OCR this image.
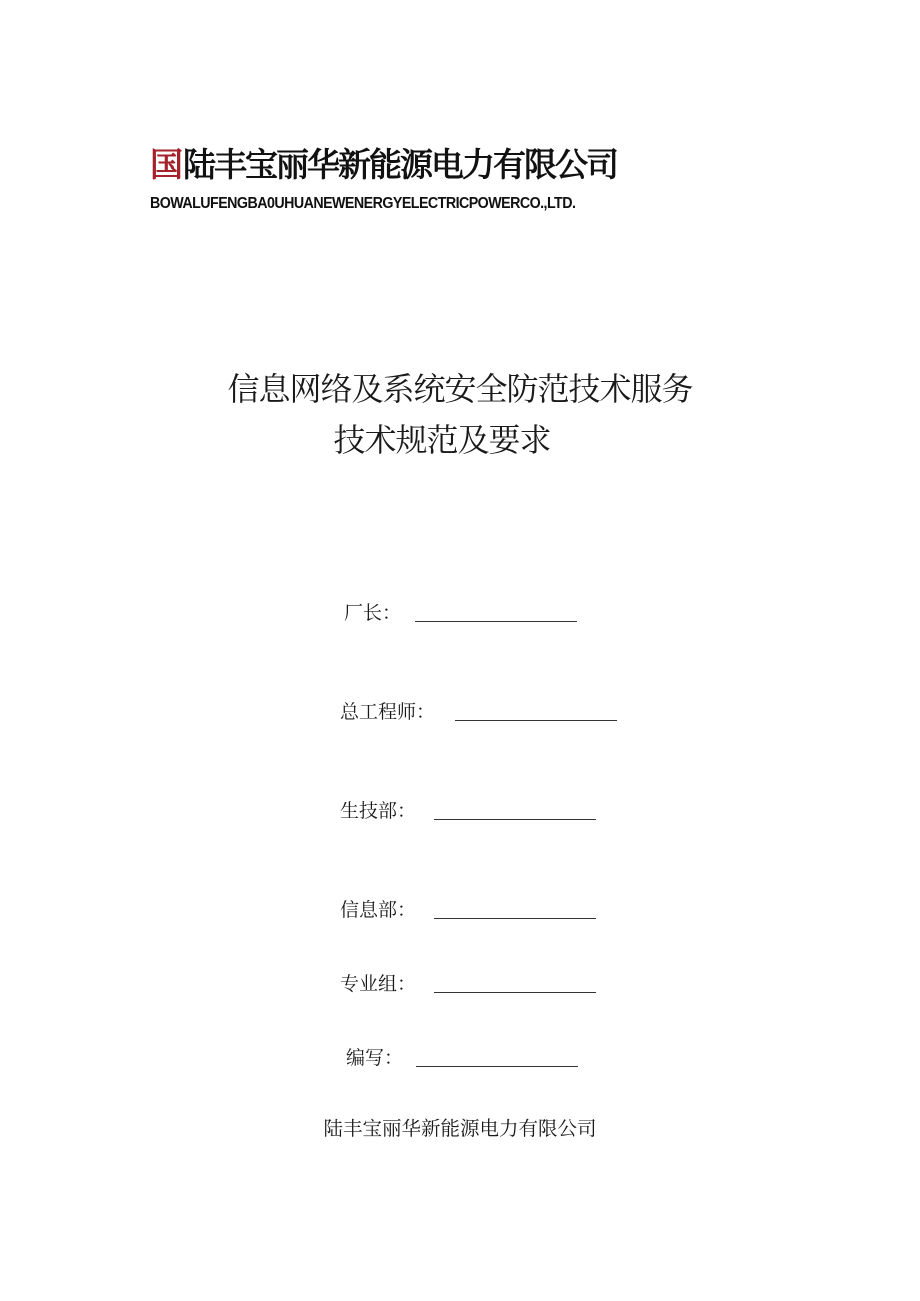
国 陆丰宝丽华新能源电力有限公司
BOWALUFENGBA0UHUANEWENERGYELECTRICPOWERCO.,LTD.
信息网络及系统安全防范技术服务
技术规范及要求
厂长：
总工程师：
生技部：
信息部：
专业组：
编写：
陆丰宝丽华新能源电力有限公司
